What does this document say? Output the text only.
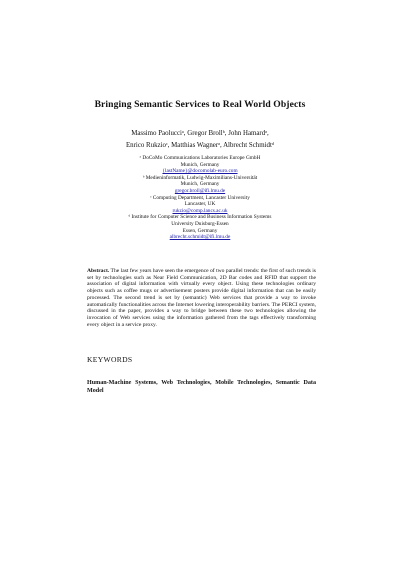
Bringing Semantic Services to Real World Objects
Massimo Paolucciᵃ, Gregor Brollᵇ, John Hamardᵃ,
Enrico Rukzioᶜ, Matthias Wagnerᵃ, Albrecht Schmidtᵈ
ᵃ DoCoMo Communications Laboratories Europe GmbH
Munich, Germany
{lastName}@docomolab-euro.com
ᵇ Medieninformatik, Ludwig-Maximilians-Universität
Munich, Germany
gregor.broll@ifi.lmu.de
ᶜ Computing Department, Lancaster University
Lancaster, UK
rukzio@comp.lancs.ac.uk
ᵈ Institute for Computer Science and Business Information Systems
University Duisburg-Essen
Essen, Germany
albrecht.schmidt@ifi.lmu.de

Abstract. The last few years have seen the emergence of two parallel trends: the first of such trends is set by technologies such as Near Field Communication, 2D Bar codes and RFID that support the association of digital information with virtually every object. Using these technologies ordinary objects such as coffee mugs or advertisement posters provide digital information that can be easily processed. The second trend is set by (semantic) Web services that provide a way to invoke automatically functionalities across the Internet lowering interoperability barriers. The PERCI system, discussed in the paper, provides a way to bridge between these two technologies allowing the invocation of Web services using the information gathered from the tags effectively transforming every object in a service proxy.

KEYWORDS

Human-Machine Systems, Web Technologies, Mobile Technologies, Semantic Data Model
